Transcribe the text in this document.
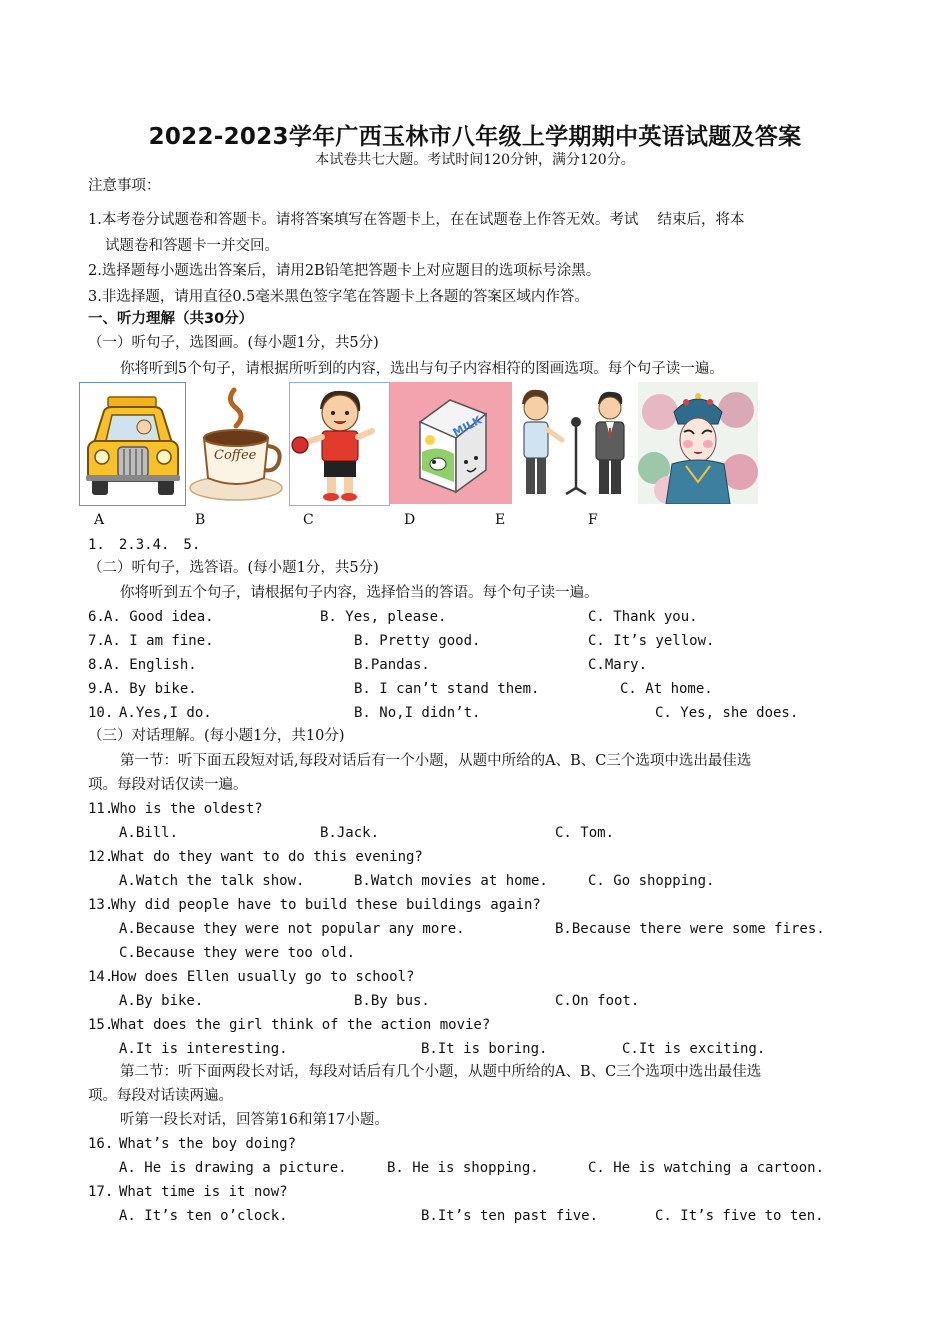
2022-2023学年广西玉林市八年级上学期期中英语试题及答案
本试卷共七大题。考试时间120分钟，满分120分。
注意事项：
1.本考卷分试题卷和答题卡。请将答案填写在答题卡上，在在试题卷上作答无效。考试　 结束后，将本
试题卷和答题卡一并交回。
2.选择题每小题选出答案后，请用2B铅笔把答题卡上对应题目的选项标号涂黑。
3.非选择题，请用直径0.5毫米黑色签字笔在答题卡上各题的答案区域内作答。
一、听力理解（共30分）
（一）听句子，选图画。(每小题1分，共5分)
你将听到5个句子，请根据所听到的内容，选出与句子内容相符的图画选项。每个句子读一遍。
Coffee
MILK
A	B	C	D	E	F
1.　2.3.4.　5.
（二）听句子，选答语。(每小题1分，共5分)
你将听到五个句子，请根据句子内容，选择恰当的答语。每个句子读一遍。
6. A. Good idea.	B. Yes, please.	C. Thank you.
7. A. I am fine.	B. Pretty good.	C. It’s yellow.
8. A. English.	B.Pandas.	C.Mary.
9. A. By bike.	B. I can’t stand them.	C. At home.
10. A.Yes,I do.	B. No,I didn’t.	C. Yes, she does.
（三）对话理解。(每小题1分，共10分)
第一节：听下面五段短对话,每段对话后有一个小题，从题中所给的A、B、C三个选项中选出最佳选
项。每段对话仅读一遍。
11.
Who is the oldest?
A.Bill.	B.Jack.	C. Tom.
12.
What do they want to do this evening?
A.Watch the talk show.	B.Watch movies at home.	C. Go shopping.
13.
Why did people have to build these buildings again?
A.Because they were not popular any more.	B.Because there were some fires.
C.Because they were too old.
14.
How does Ellen usually go to school?
A.By bike.	B.By bus.	C.On foot.
15.
What does the girl think of the action movie?
A.It is interesting.	B.It is boring.	C.It is exciting.
第二节：听下面两段长对话，每段对话后有几个小题，从题中所给的A、B、C三个选项中选出最佳选
项。每段对话读两遍。
听第一段长对话，回答第16和第17小题。
16. What’s the boy doing?
A. He is drawing a picture.	B. He is shopping.	C. He is watching a cartoon.
17. What time is it now?
A. It’s ten o’clock.	B.It’s ten past five.	C. It’s five to ten.
